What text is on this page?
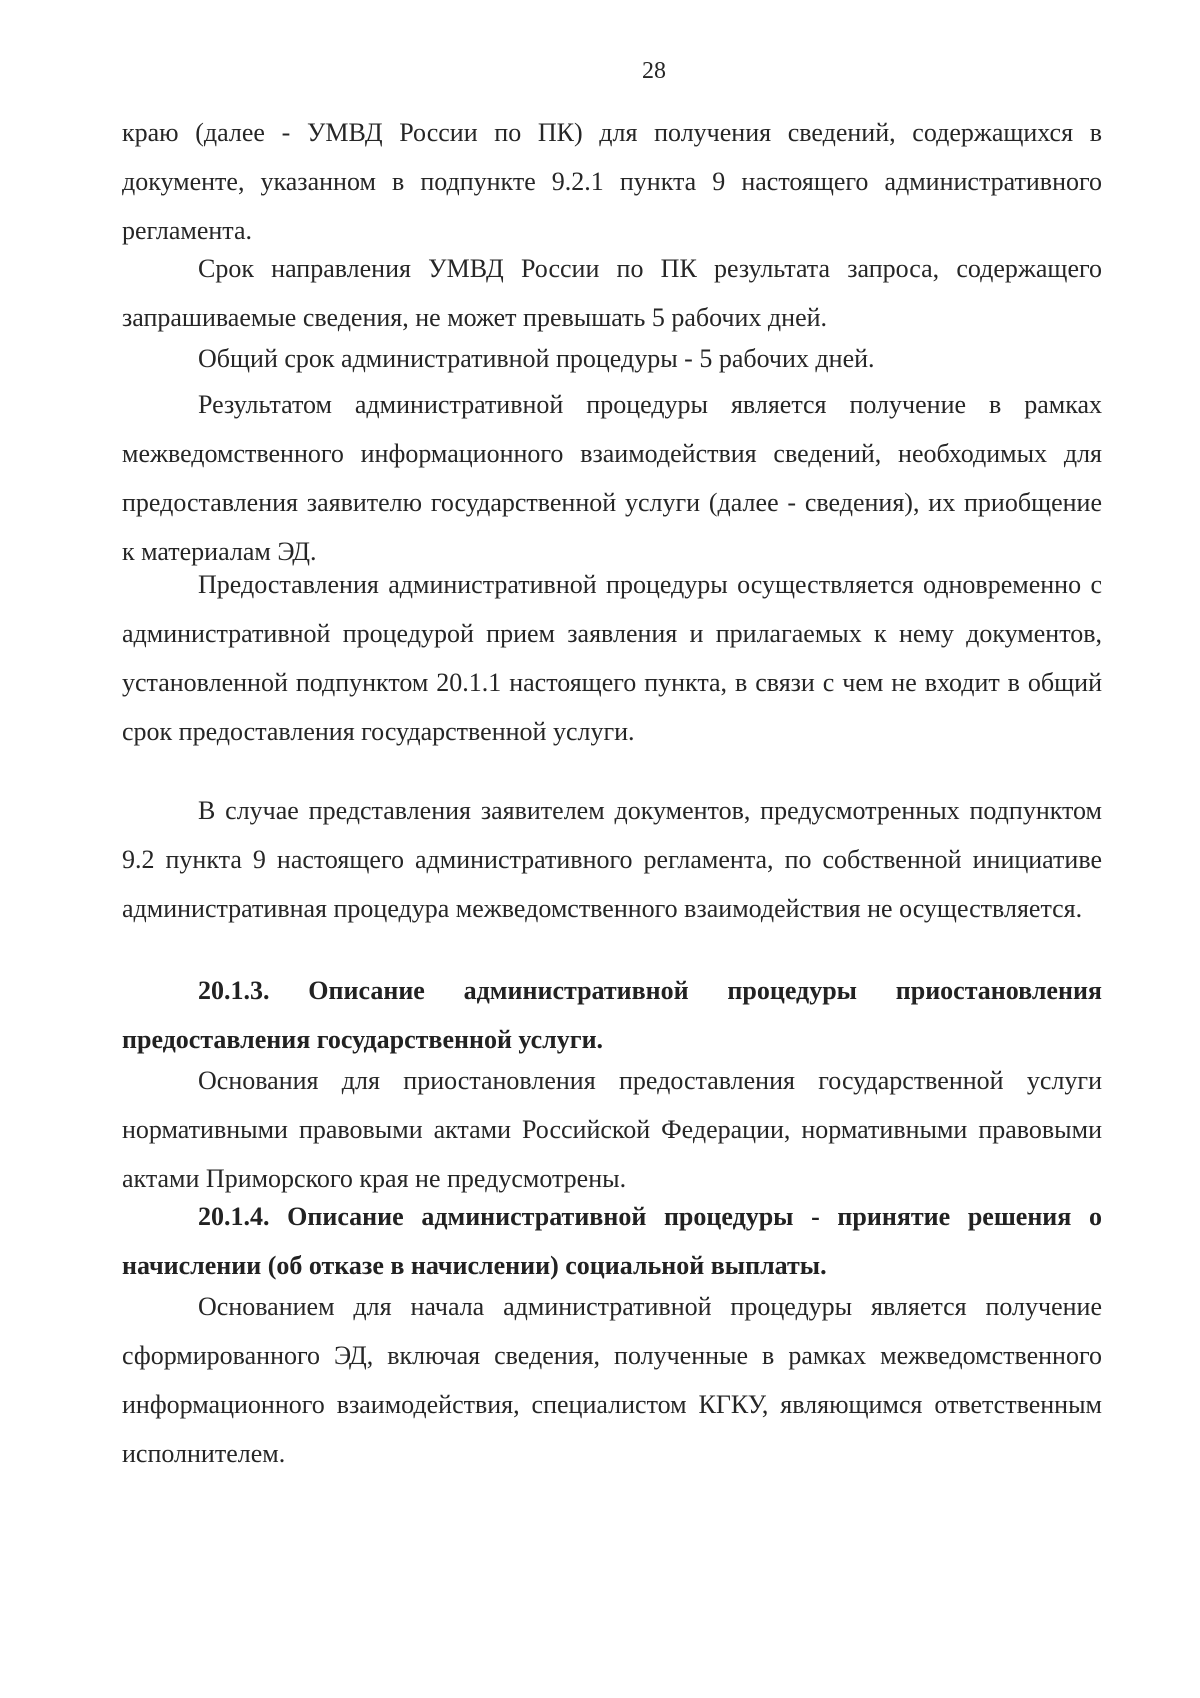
28

краю (далее - УМВД России по ПК) для получения сведений, содержащихся в документе, указанном в подпункте 9.2.1 пункта 9 настоящего административного регламента.

Срок направления УМВД России по ПК результата запроса, содержащего запрашиваемые сведения, не может превышать 5 рабочих дней.

Общий срок административной процедуры - 5 рабочих дней.

Результатом административной процедуры является получение в рамках межведомственного информационного взаимодействия сведений, необходимых для предоставления заявителю государственной услуги (далее - сведения), их приобщение к материалам ЭД.

Предоставления административной процедуры осуществляется одновременно с административной процедурой прием заявления и прилагаемых к нему документов, установленной подпунктом 20.1.1 настоящего пункта, в связи с чем не входит в общий срок предоставления государственной услуги.

В случае представления заявителем документов, предусмотренных подпунктом 9.2 пункта 9 настоящего административного регламента, по собственной инициативе административная процедура межведомственного взаимодействия не осуществляется.

20.1.3. Описание административной процедуры приостановления предоставления государственной услуги.

Основания для приостановления предоставления государственной услуги нормативными правовыми актами Российской Федерации, нормативными правовыми актами Приморского края не предусмотрены.

20.1.4. Описание административной процедуры - принятие решения о начислении (об отказе в начислении) социальной выплаты.

Основанием для начала административной процедуры является получение сформированного ЭД, включая сведения, полученные в рамках межведомственного информационного взаимодействия, специалистом КГКУ, являющимся ответственным исполнителем.
